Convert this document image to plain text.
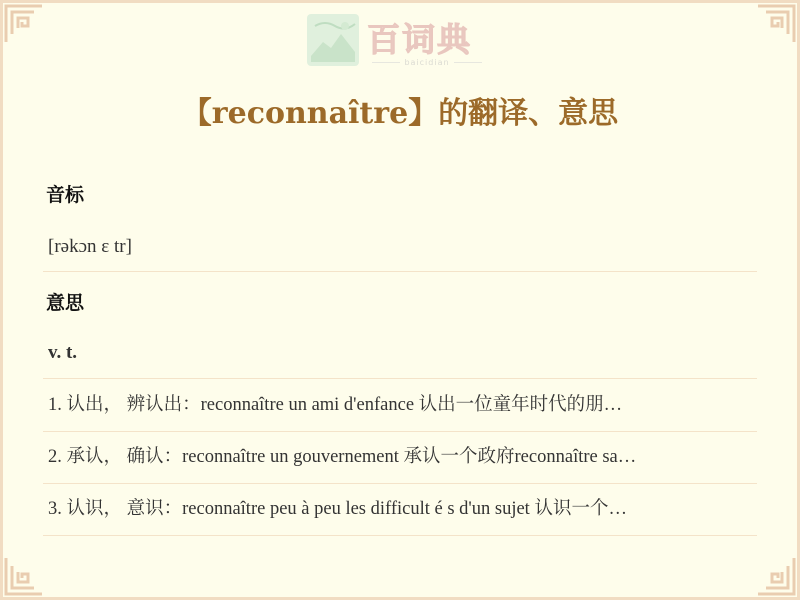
百词典
baicidian
【reconnaître】的翻译、意思
音标
[rəkɔn ɛ tr]
意思
v. t.
1. 认出， 辨认出：reconnaître un ami d'enfance 认出一位童年时代的朋…
2. 承认， 确认：reconnaître un gouvernement 承认一个政府reconnaître sa…
3. 认识， 意识：reconnaître peu à peu les difficult é s d'un sujet 认识一个…
